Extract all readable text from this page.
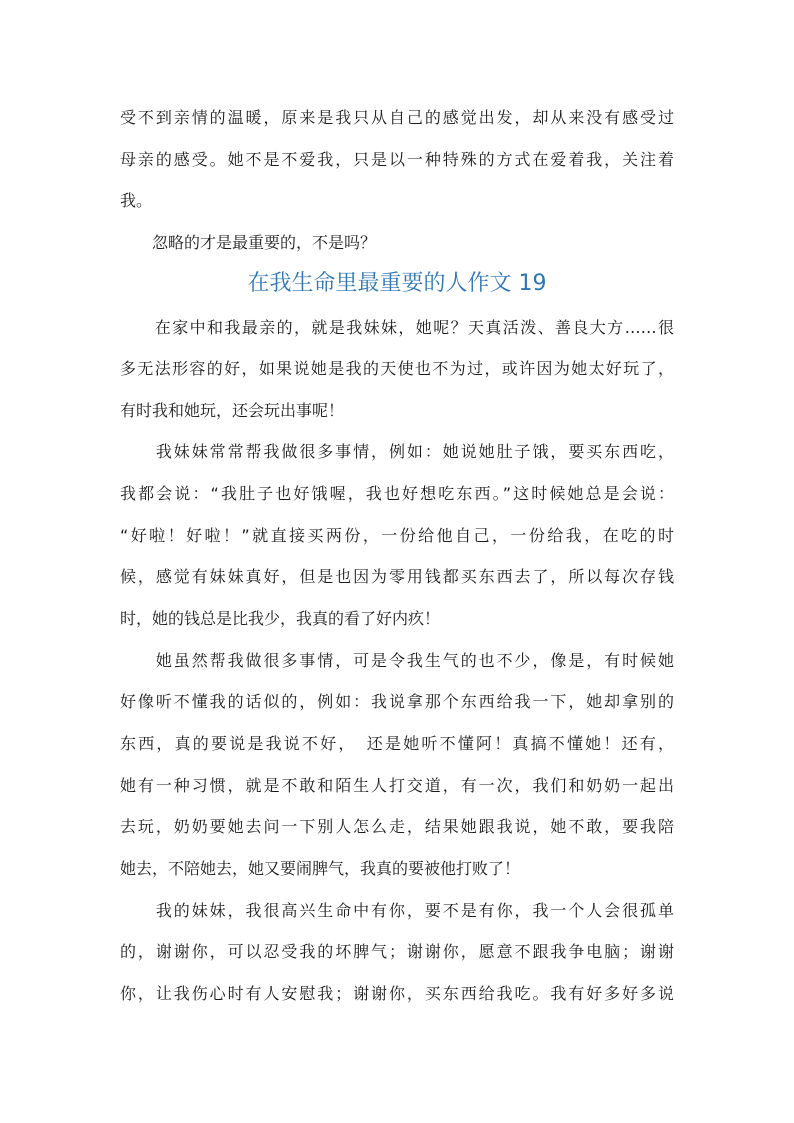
受不到亲情的温暖，原来是我只从自己的感觉出发，却从来没有感受过
母亲的感受。她不是不爱我，只是以一种特殊的方式在爱着我，关注着
我。
　　忽略的才是最重要的，不是吗？
在我生命里最重要的人作文 19
　　在家中和我最亲的，就是我妹妹，她呢？天真活泼、善良大方……很
多无法形容的好，如果说她是我的天使也不为过，或许因为她太好玩了，
有时我和她玩，还会玩出事呢！
　　我妹妹常常帮我做很多事情，例如：她说她肚子饿，要买东西吃，
我都会说：“我肚子也好饿喔，我也好想吃东西。”这时候她总是会说：
“好啦！好啦！”就直接买两份，一份给他自己，一份给我，在吃的时
候，感觉有妹妹真好，但是也因为零用钱都买东西去了，所以每次存钱
时，她的钱总是比我少，我真的看了好内疚！
　　她虽然帮我做很多事情，可是令我生气的也不少，像是，有时候她
好像听不懂我的话似的，例如：我说拿那个东西给我一下，她却拿别的
东西，真的要说是我说不好，　还是她听不懂阿！真搞不懂她！还有，
她有一种习惯，就是不敢和陌生人打交道，有一次，我们和奶奶一起出
去玩，奶奶要她去问一下别人怎么走，结果她跟我说，她不敢，要我陪
她去，不陪她去，她又要闹脾气，我真的要被他打败了！
　　我的妹妹，我很高兴生命中有你，要不是有你，我一个人会很孤单
的，谢谢你，可以忍受我的坏脾气；谢谢你，愿意不跟我争电脑；谢谢
你，让我伤心时有人安慰我；谢谢你，买东西给我吃。我有好多好多说
